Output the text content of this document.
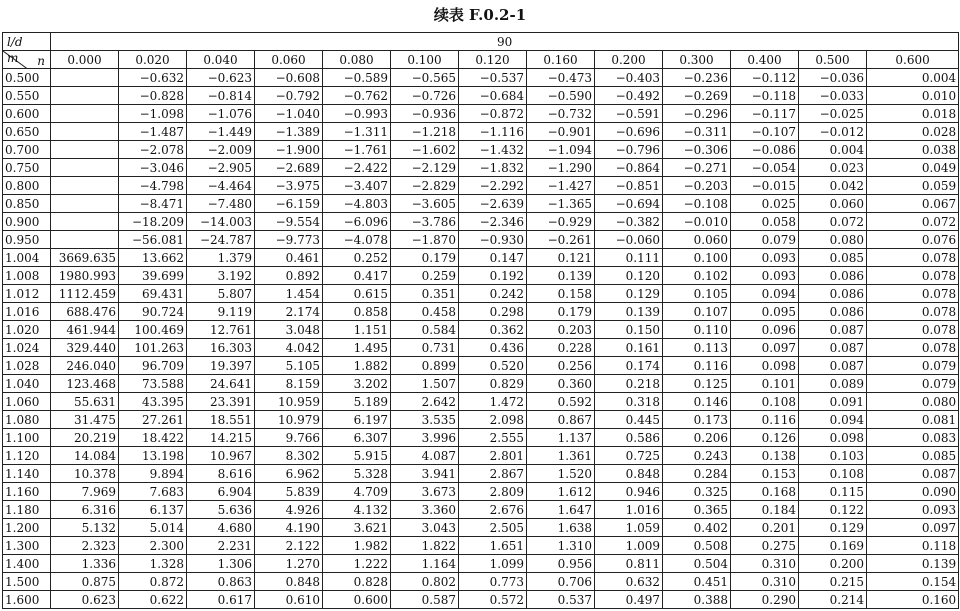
续表 F.0.2-1
l/d	90												

n
m	0.000	0.020	0.040	0.060	0.080	0.100	0.120	0.160	0.200	0.300	0.400	0.500	0.600
0.500		−0.632	−0.623	−0.608	−0.589	−0.565	−0.537	−0.473	−0.403	−0.236	−0.112	−0.036	0.004
0.550		−0.828	−0.814	−0.792	−0.762	−0.726	−0.684	−0.590	−0.492	−0.269	−0.118	−0.033	0.010
0.600		−1.098	−1.076	−1.040	−0.993	−0.936	−0.872	−0.732	−0.591	−0.296	−0.117	−0.025	0.018
0.650		−1.487	−1.449	−1.389	−1.311	−1.218	−1.116	−0.901	−0.696	−0.311	−0.107	−0.012	0.028
0.700		−2.078	−2.009	−1.900	−1.761	−1.602	−1.432	−1.094	−0.796	−0.306	−0.086	0.004	0.038
0.750		−3.046	−2.905	−2.689	−2.422	−2.129	−1.832	−1.290	−0.864	−0.271	−0.054	0.023	0.049
0.800		−4.798	−4.464	−3.975	−3.407	−2.829	−2.292	−1.427	−0.851	−0.203	−0.015	0.042	0.059
0.850		−8.471	−7.480	−6.159	−4.803	−3.605	−2.639	−1.365	−0.694	−0.108	0.025	0.060	0.067
0.900		−18.209	−14.003	−9.554	−6.096	−3.786	−2.346	−0.929	−0.382	−0.010	0.058	0.072	0.072
0.950		−56.081	−24.787	−9.773	−4.078	−1.870	−0.930	−0.261	−0.060	0.060	0.079	0.080	0.076
1.004	3669.635	13.662	1.379	0.461	0.252	0.179	0.147	0.121	0.111	0.100	0.093	0.085	0.078
1.008	1980.993	39.699	3.192	0.892	0.417	0.259	0.192	0.139	0.120	0.102	0.093	0.086	0.078
1.012	1112.459	69.431	5.807	1.454	0.615	0.351	0.242	0.158	0.129	0.105	0.094	0.086	0.078
1.016	688.476	90.724	9.119	2.174	0.858	0.458	0.298	0.179	0.139	0.107	0.095	0.086	0.078
1.020	461.944	100.469	12.761	3.048	1.151	0.584	0.362	0.203	0.150	0.110	0.096	0.087	0.078
1.024	329.440	101.263	16.303	4.042	1.495	0.731	0.436	0.228	0.161	0.113	0.097	0.087	0.078
1.028	246.040	96.709	19.397	5.105	1.882	0.899	0.520	0.256	0.174	0.116	0.098	0.087	0.079
1.040	123.468	73.588	24.641	8.159	3.202	1.507	0.829	0.360	0.218	0.125	0.101	0.089	0.079
1.060	55.631	43.395	23.391	10.959	5.189	2.642	1.472	0.592	0.318	0.146	0.108	0.091	0.080
1.080	31.475	27.261	18.551	10.979	6.197	3.535	2.098	0.867	0.445	0.173	0.116	0.094	0.081
1.100	20.219	18.422	14.215	9.766	6.307	3.996	2.555	1.137	0.586	0.206	0.126	0.098	0.083
1.120	14.084	13.198	10.967	8.302	5.915	4.087	2.801	1.361	0.725	0.243	0.138	0.103	0.085
1.140	10.378	9.894	8.616	6.962	5.328	3.941	2.867	1.520	0.848	0.284	0.153	0.108	0.087
1.160	7.969	7.683	6.904	5.839	4.709	3.673	2.809	1.612	0.946	0.325	0.168	0.115	0.090
1.180	6.316	6.137	5.636	4.926	4.132	3.360	2.676	1.647	1.016	0.365	0.184	0.122	0.093
1.200	5.132	5.014	4.680	4.190	3.621	3.043	2.505	1.638	1.059	0.402	0.201	0.129	0.097
1.300	2.323	2.300	2.231	2.122	1.982	1.822	1.651	1.310	1.009	0.508	0.275	0.169	0.118
1.400	1.336	1.328	1.306	1.270	1.222	1.164	1.099	0.956	0.811	0.504	0.310	0.200	0.139
1.500	0.875	0.872	0.863	0.848	0.828	0.802	0.773	0.706	0.632	0.451	0.310	0.215	0.154
1.600	0.623	0.622	0.617	0.610	0.600	0.587	0.572	0.537	0.497	0.388	0.290	0.214	0.160
